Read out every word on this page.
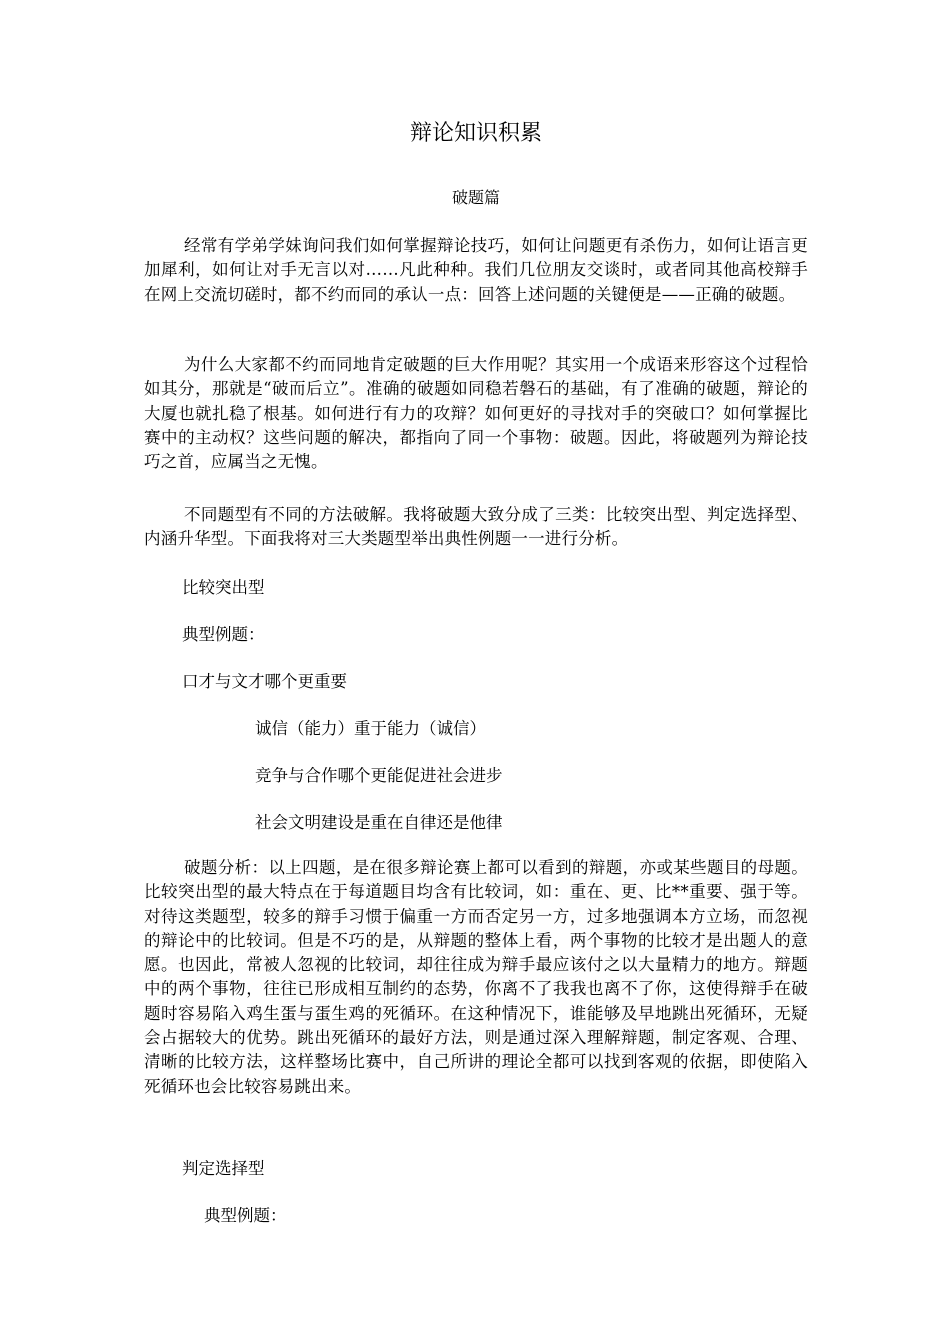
辩论知识积累

破题篇

经常有学弟学妹询问我们如何掌握辩论技巧，如何让问题更有杀伤力，如何让语言更加犀利，如何让对手无言以对……凡此种种。我们几位朋友交谈时，或者同其他高校辩手在网上交流切磋时，都不约而同的承认一点：回答上述问题的关键便是——正确的破题。

为什么大家都不约而同地肯定破题的巨大作用呢？其实用一个成语来形容这个过程恰如其分，那就是“破而后立”。准确的破题如同稳若磐石的基础，有了准确的破题，辩论的大厦也就扎稳了根基。如何进行有力的攻辩？如何更好的寻找对手的突破口？如何掌握比赛中的主动权？这些问题的解决，都指向了同一个事物：破题。因此，将破题列为辩论技巧之首，应属当之无愧。

不同题型有不同的方法破解。我将破题大致分成了三类：比较突出型、判定选择型、内涵升华型。下面我将对三大类题型举出典性例题一一进行分析。

比较突出型

典型例题：

口才与文才哪个更重要

诚信（能力）重于能力（诚信）

竞争与合作哪个更能促进社会进步

社会文明建设是重在自律还是他律

破题分析：以上四题，是在很多辩论赛上都可以看到的辩题，亦或某些题目的母题。比较突出型的最大特点在于每道题目均含有比较词，如：重在、更、比**重要、强于等。对待这类题型，较多的辩手习惯于偏重一方而否定另一方，过多地强调本方立场，而忽视的辩论中的比较词。但是不巧的是，从辩题的整体上看，两个事物的比较才是出题人的意愿。也因此，常被人忽视的比较词，却往往成为辩手最应该付之以大量精力的地方。辩题中的两个事物，往往已形成相互制约的态势，你离不了我我也离不了你，这使得辩手在破题时容易陷入鸡生蛋与蛋生鸡的死循环。在这种情况下，谁能够及早地跳出死循环，无疑会占据较大的优势。跳出死循环的最好方法，则是通过深入理解辩题，制定客观、合理、清晰的比较方法，这样整场比赛中，自己所讲的理论全都可以找到客观的依据，即使陷入死循环也会比较容易跳出来。

判定选择型

典型例题：
